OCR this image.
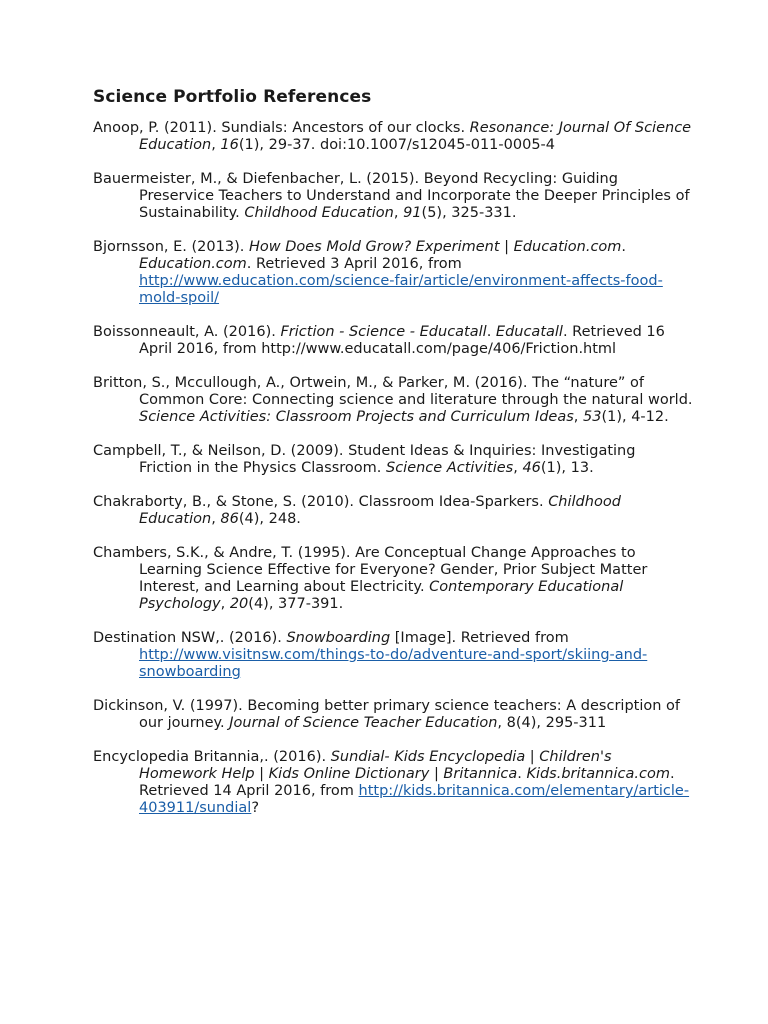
Science Portfolio References

Anoop, P. (2011). Sundials: Ancestors of our clocks. Resonance: Journal Of Science Education, 16(1), 29-37. doi:10.1007/s12045-011-0005-4

Bauermeister, M., & Diefenbacher, L. (2015). Beyond Recycling: Guiding Preservice Teachers to Understand and Incorporate the Deeper Principles of Sustainability. Childhood Education, 91(5), 325-331.

Bjornsson, E. (2013). How Does Mold Grow? Experiment | Education.com. Education.com. Retrieved 3 April 2016, from http://www.education.com/science-fair/article/environment-affects-food-mold-spoil/

Boissonneault, A. (2016). Friction - Science - Educatall. Educatall. Retrieved 16 April 2016, from http://www.educatall.com/page/406/Friction.html

Britton, S., Mccullough, A., Ortwein, M., & Parker, M. (2016). The “nature” of Common Core: Connecting science and literature through the natural world. Science Activities: Classroom Projects and Curriculum Ideas, 53(1), 4-12.

Campbell, T., & Neilson, D. (2009). Student Ideas & Inquiries: Investigating Friction in the Physics Classroom. Science Activities, 46(1), 13.

Chakraborty, B., & Stone, S. (2010). Classroom Idea-Sparkers. Childhood Education, 86(4), 248.

Chambers, S.K., & Andre, T. (1995). Are Conceptual Change Approaches to Learning Science Effective for Everyone? Gender, Prior Subject Matter Interest, and Learning about Electricity. Contemporary Educational Psychology, 20(4), 377-391.

Destination NSW,. (2016). Snowboarding [Image]. Retrieved from http://www.visitnsw.com/things-to-do/adventure-and-sport/skiing-and-snowboarding

Dickinson, V. (1997). Becoming better primary science teachers: A description of our journey. Journal of Science Teacher Education, 8(4), 295-311

Encyclopedia Britannia,. (2016). Sundial- Kids Encyclopedia | Children's Homework Help | Kids Online Dictionary | Britannica. Kids.britannica.com. Retrieved 14 April 2016, from http://kids.britannica.com/elementary/article-403911/sundial?
